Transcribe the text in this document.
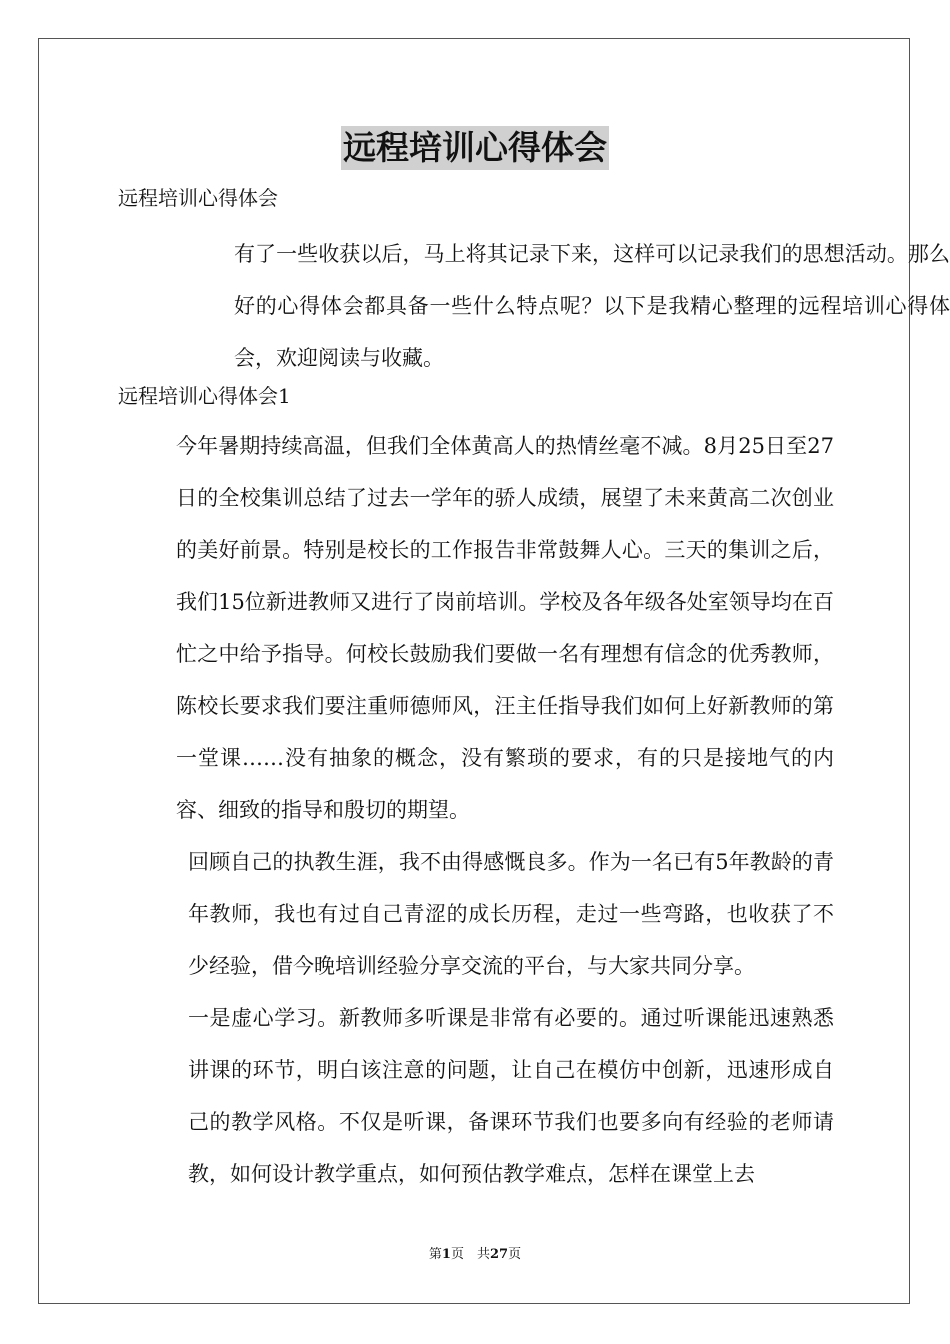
远程培训心得体会
远程培训心得体会

有了一些收获以后，马上将其记录下来，这样可以记录我们的思想活动。那么好的心得体会都具备一些什么特点呢？以下是我精心整理的远程培训心得体会，欢迎阅读与收藏。

远程培训心得体会1

今年暑期持续高温，但我们全体黄高人的热情丝毫不减。8月25日至27日的全校集训总结了过去一学年的骄人成绩，展望了未来黄高二次创业的美好前景。特别是校长的工作报告非常鼓舞人心。三天的集训之后，我们15位新进教师又进行了岗前培训。学校及各年级各处室领导均在百忙之中给予指导。何校长鼓励我们要做一名有理想有信念的优秀教师，陈校长要求我们要注重师德师风，汪主任指导我们如何上好新教师的第一堂课……没有抽象的概念，没有繁琐的要求，有的只是接地气的内容、细致的指导和殷切的期望。

回顾自己的执教生涯，我不由得感慨良多。作为一名已有5年教龄的青年教师，我也有过自己青涩的成长历程，走过一些弯路，也收获了不少经验，借今晚培训经验分享交流的平台，与大家共同分享。

一是虚心学习。新教师多听课是非常有必要的。通过听课能迅速熟悉讲课的环节，明白该注意的问题，让自己在模仿中创新，迅速形成自己的教学风格。不仅是听课，备课环节我们也要多向有经验的老师请教，如何设计教学重点，如何预估教学难点，怎样在课堂上去

第1页　共27页
